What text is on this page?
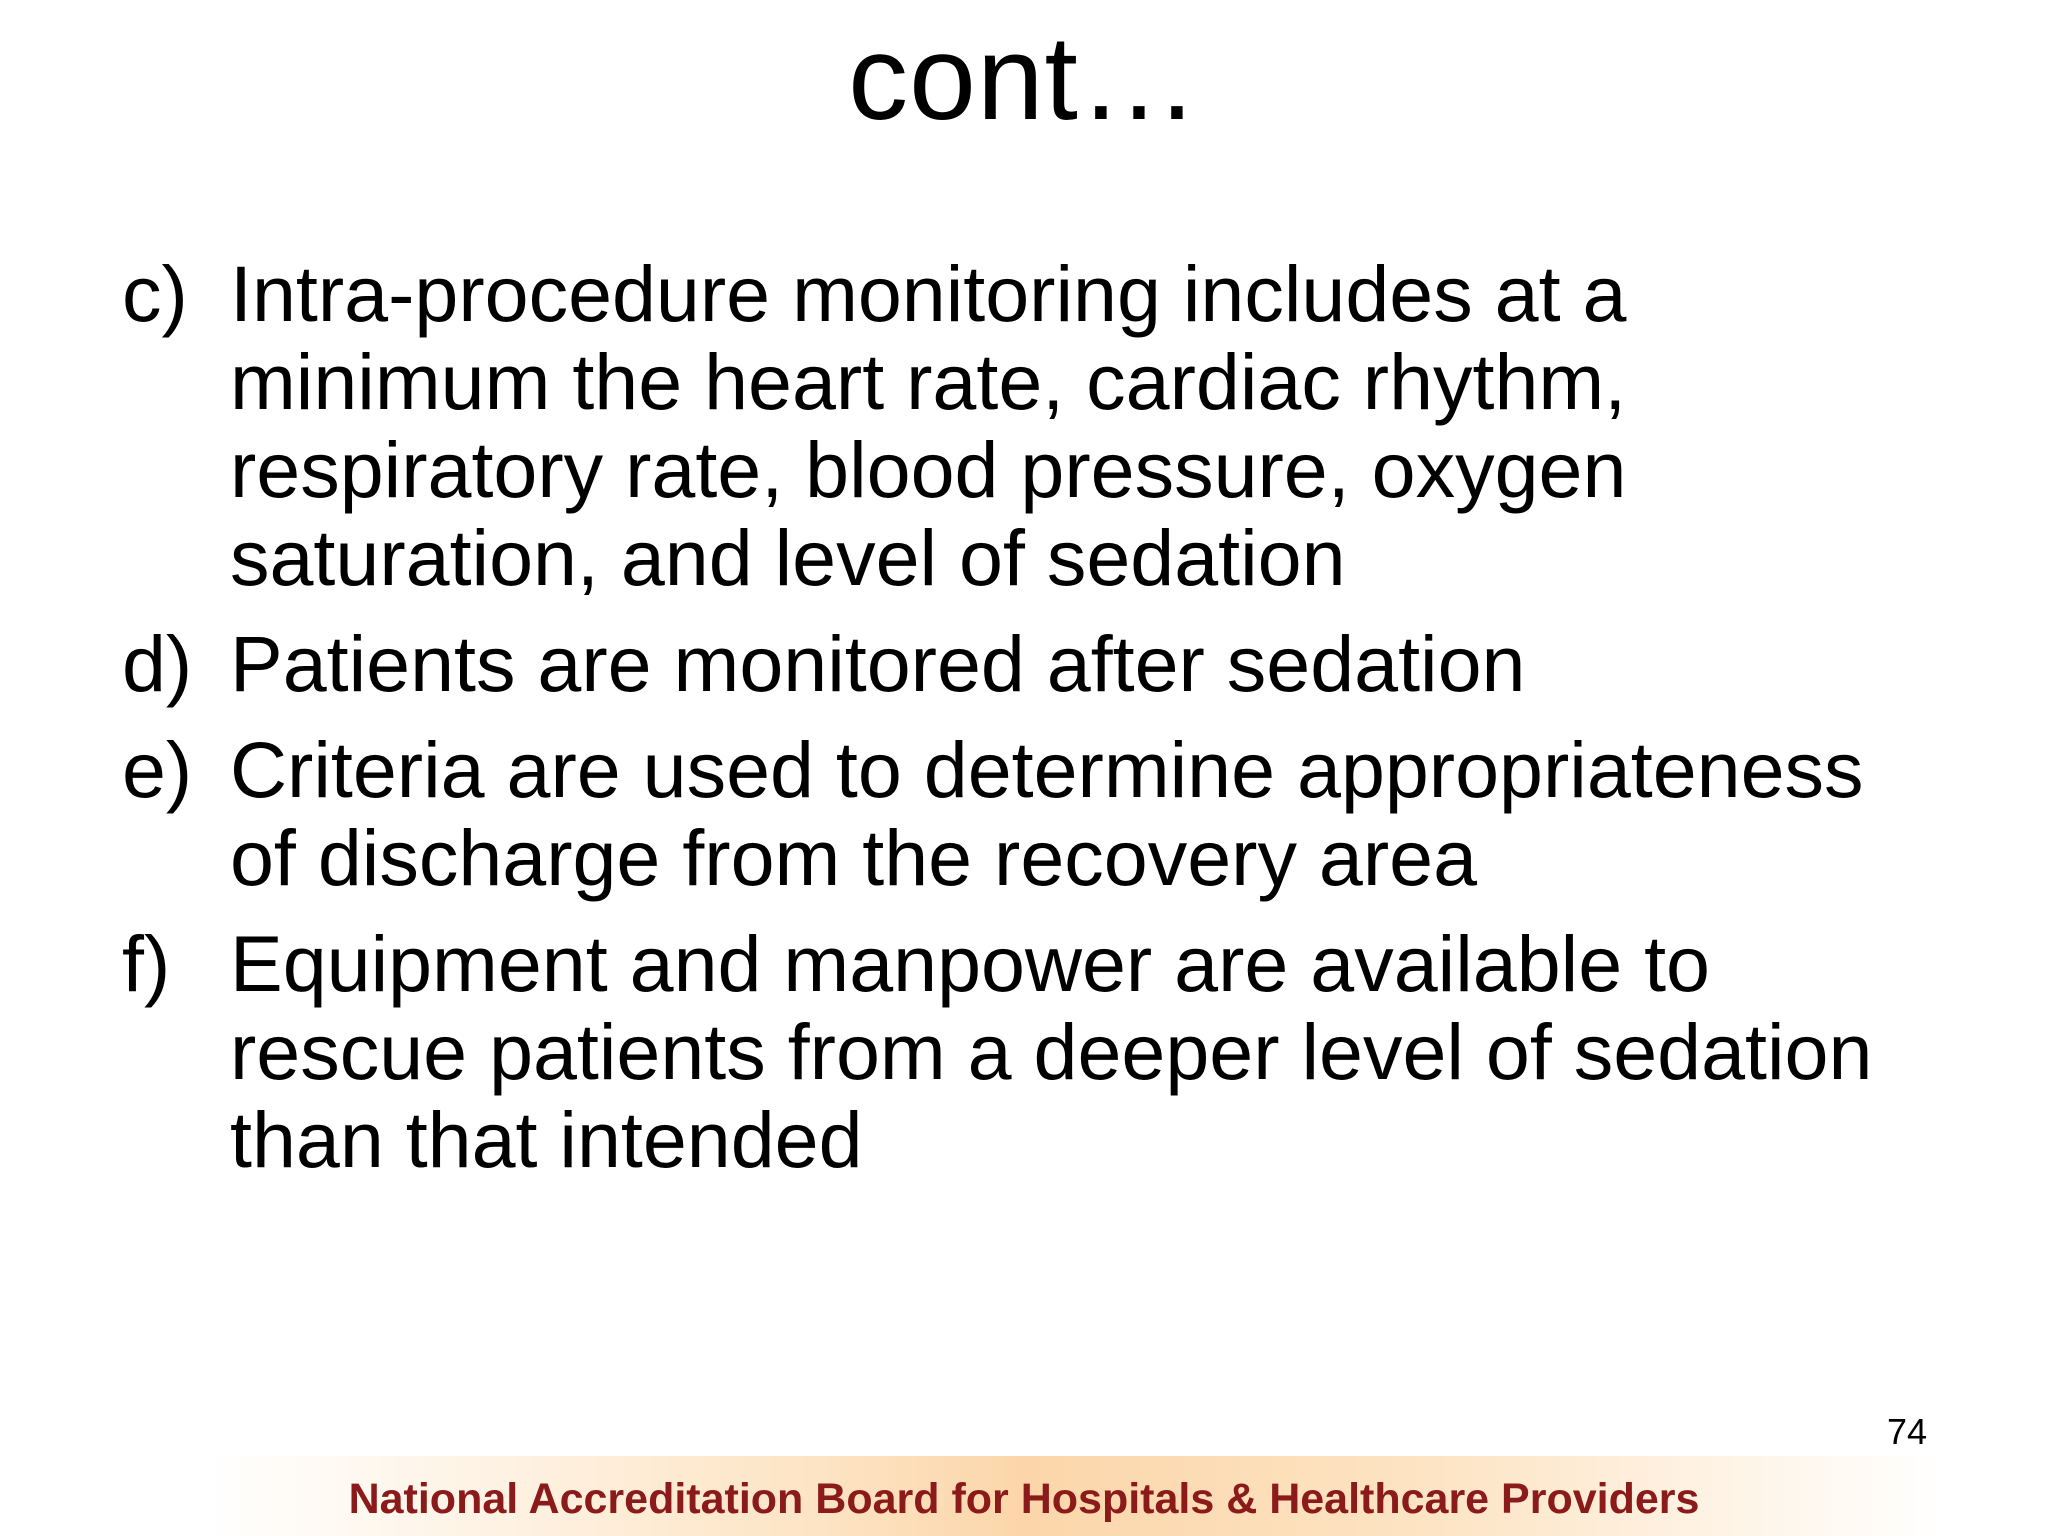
cont…
c) Intra-procedure monitoring includes at a
minimum the heart rate, cardiac rhythm,
respiratory rate, blood pressure, oxygen
saturation, and level of sedation
d) Patients are monitored after sedation
e) Criteria are used to determine appropriateness
of discharge from the recovery area
f) Equipment and manpower are available to
rescue patients from a deeper level of sedation
than that intended
74
National Accreditation Board for Hospitals & Healthcare Providers
